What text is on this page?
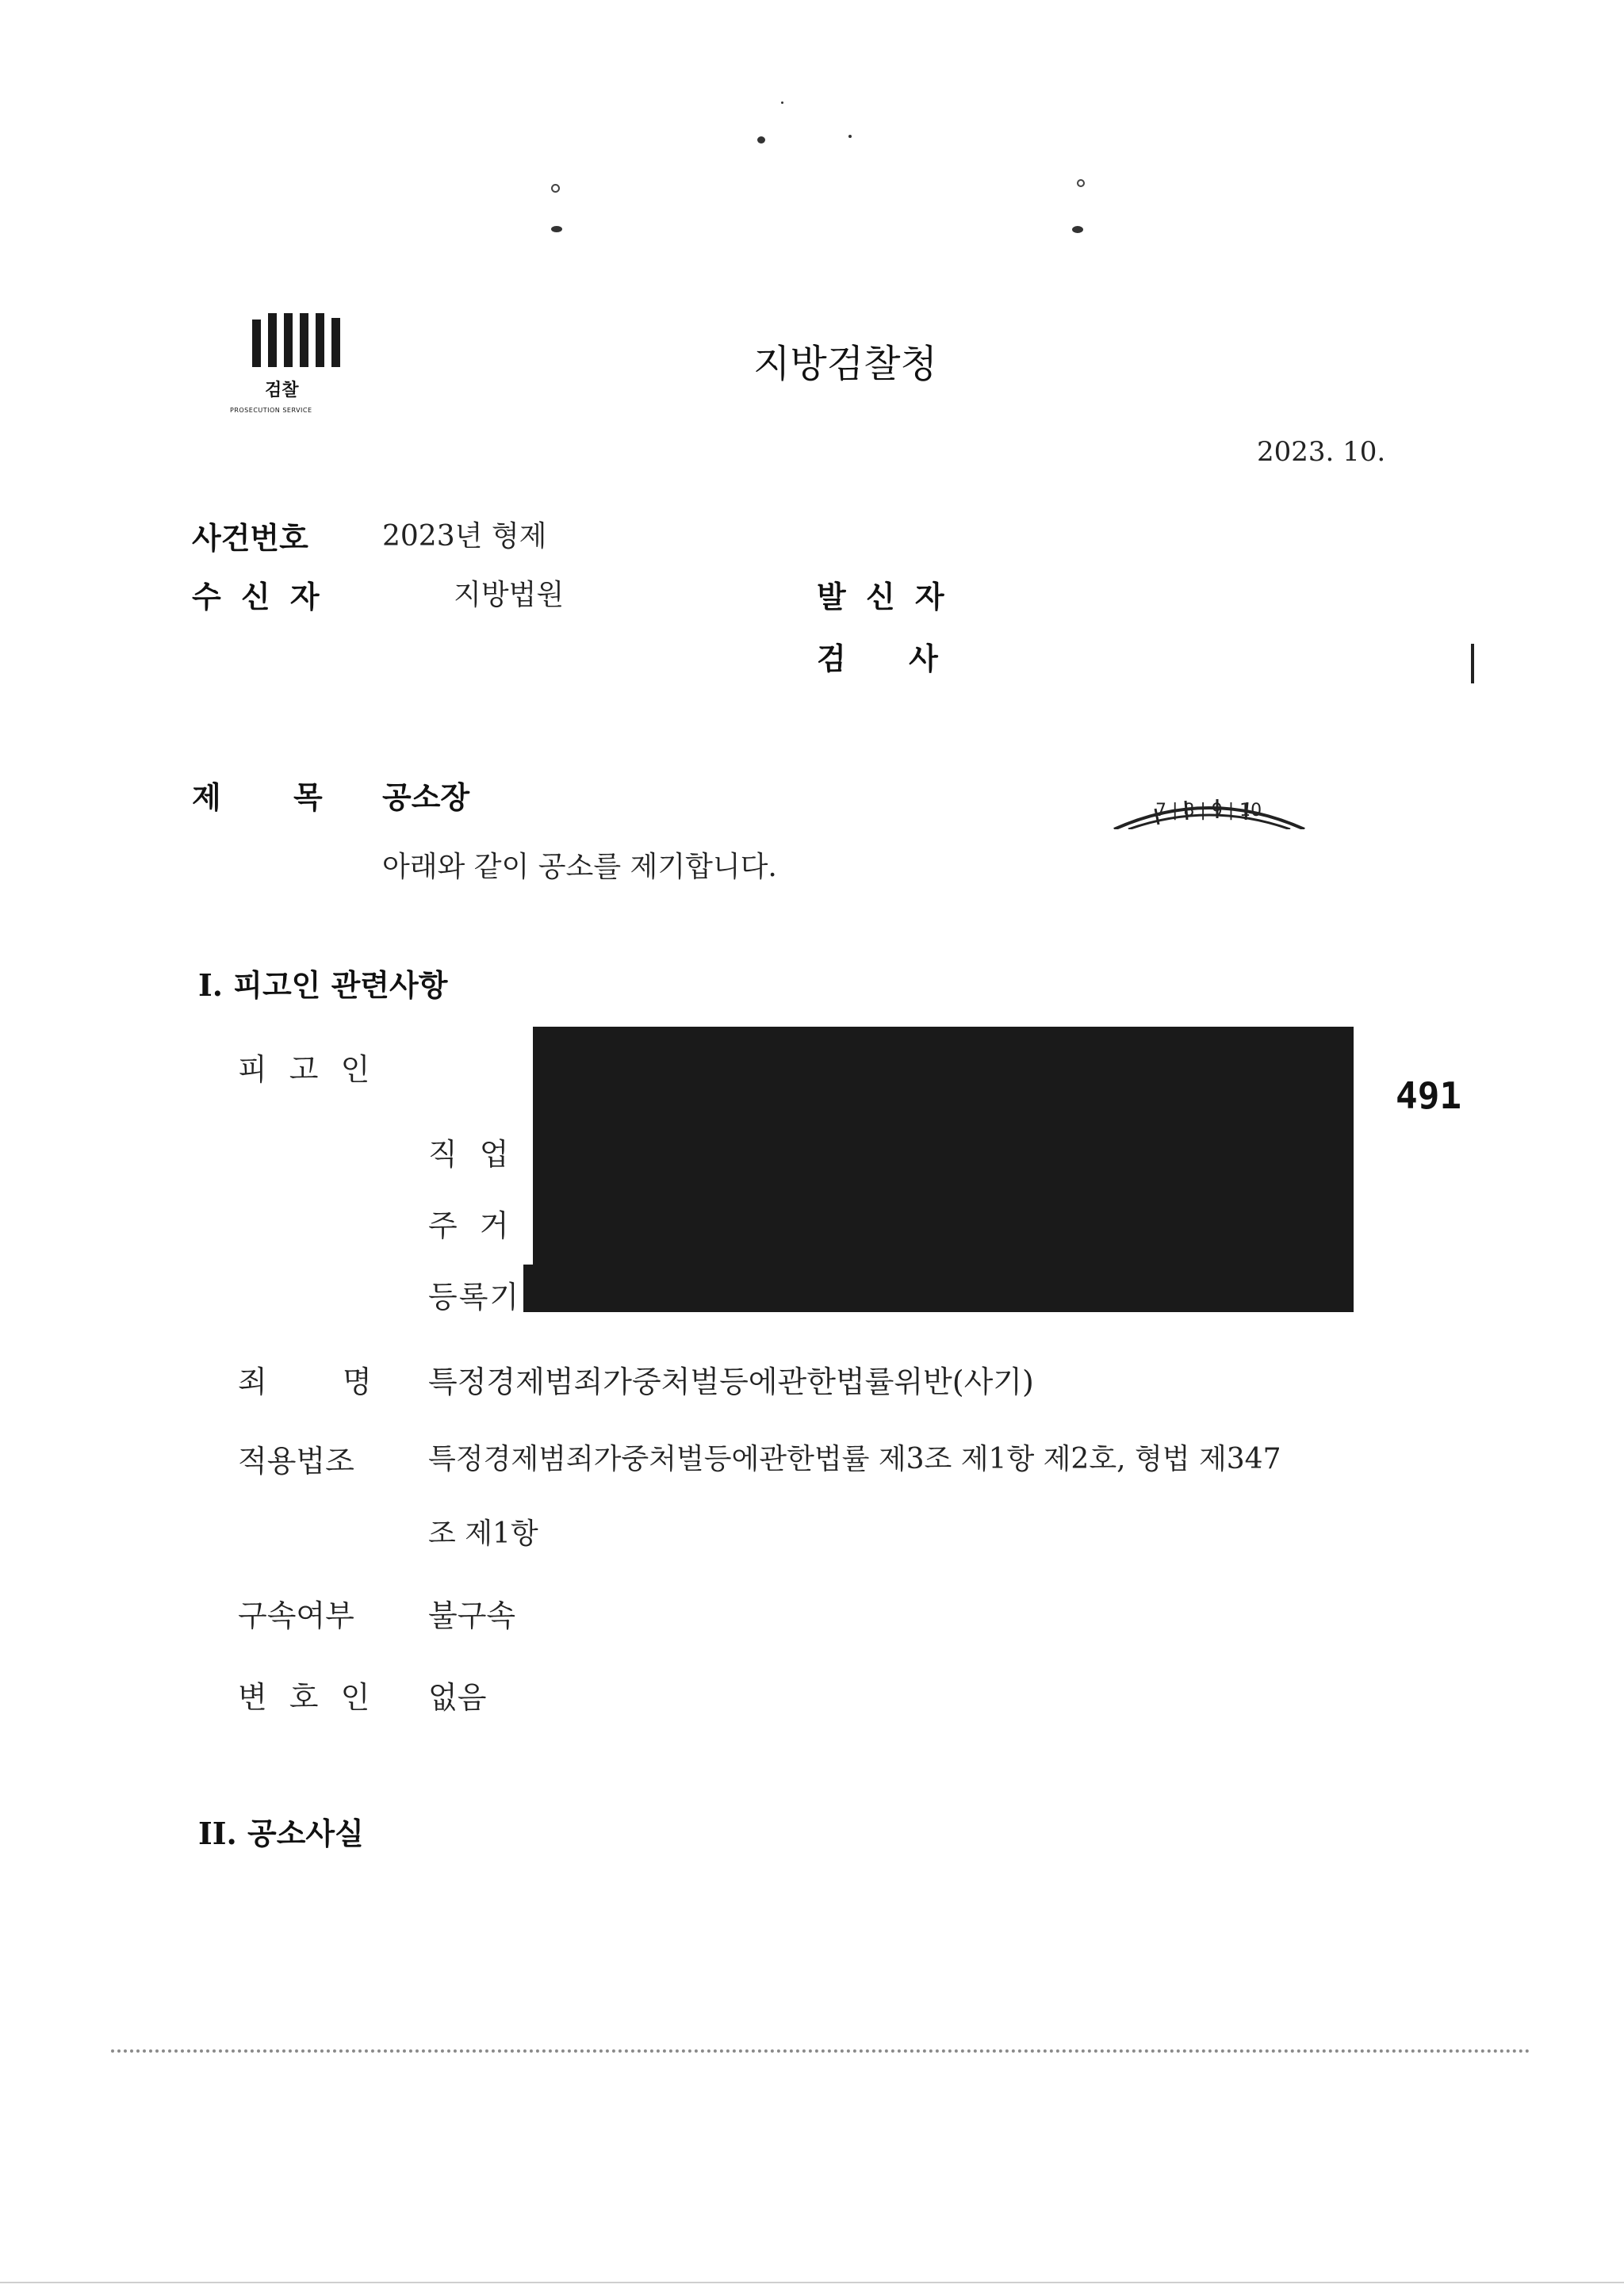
검찰
PROSECUTION SERVICE
지방검찰청
2023. 10.
사건번호	2023년 형제
수 신 자	지방법원	발 신 자
검      사
제 목 공소장	7 | 8 | 9 | 10
아래와 같이 공소를 제기합니다.
I. 피고인 관련사항
피 고 인
직 업
주 거
등록기
491
죄 명 특정경제범죄가중처벌등에관한법률위반(사기)
적용법조	특정경제범죄가중처벌등에관한법률 제3조 제1항 제2호, 형법 제347
조 제1항
구속여부 불구속
변 호 인 없음
II. 공소사실
